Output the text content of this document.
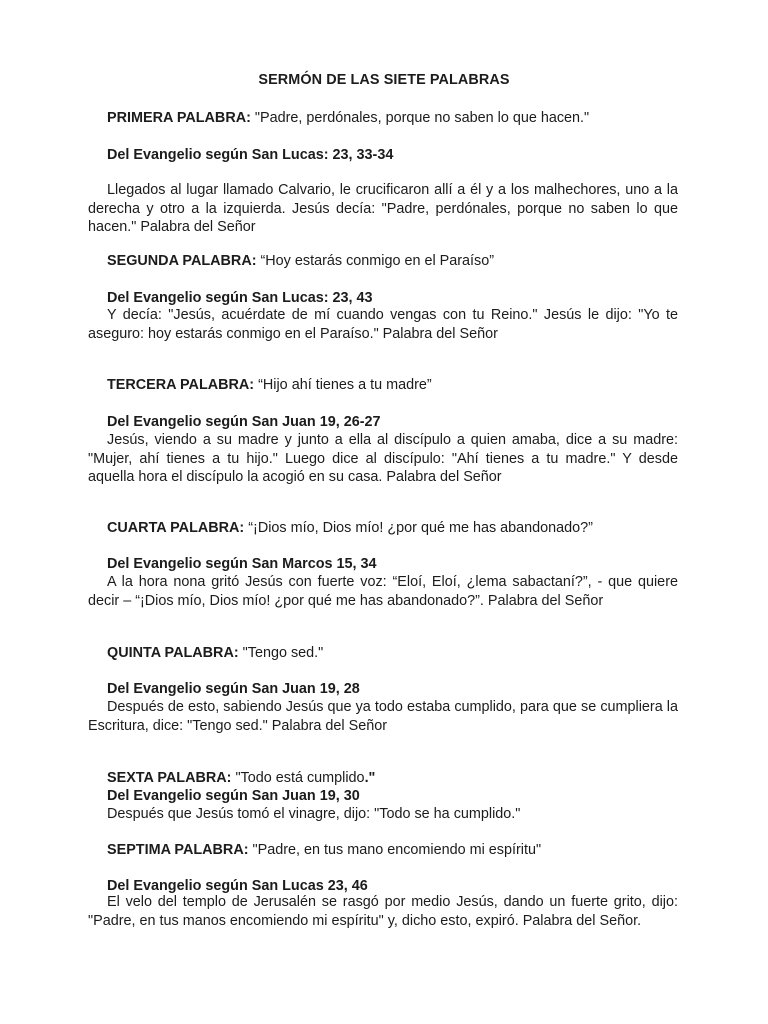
SERMÓN DE LAS SIETE PALABRAS
PRIMERA PALABRA: "Padre, perdónales, porque no saben lo que hacen."
Del Evangelio según San Lucas: 23, 33-34
Llegados al lugar llamado Calvario, le crucificaron allí a él y a los malhechores, uno a la derecha y otro a la izquierda. Jesús decía: "Padre, perdónales, porque no saben lo que hacen." Palabra del Señor
SEGUNDA PALABRA: “Hoy estarás conmigo en el Paraíso”
Del Evangelio según San Lucas: 23, 43
Y decía: "Jesús, acuérdate de mí cuando vengas con tu Reino." Jesús le dijo: "Yo te aseguro: hoy estarás conmigo en el Paraíso." Palabra del Señor
TERCERA PALABRA: “Hijo ahí tienes a tu madre”
Del Evangelio según San Juan 19, 26-27
Jesús, viendo a su madre y junto a ella al discípulo a quien amaba, dice a su madre: "Mujer, ahí tienes a tu hijo." Luego dice al discípulo: "Ahí tienes a tu madre." Y desde aquella hora el discípulo la acogió en su casa. Palabra del Señor
CUARTA PALABRA: “¡Dios mío, Dios mío! ¿por qué me has abandonado?”
Del Evangelio según San Marcos 15, 34
A la hora nona gritó Jesús con fuerte voz: “Eloí, Eloí, ¿lema sabactaní?”, - que quiere decir – “¡Dios mío, Dios mío! ¿por qué me has abandonado?”. Palabra del Señor
QUINTA PALABRA: "Tengo sed."
Del Evangelio según San Juan 19, 28
Después de esto, sabiendo Jesús que ya todo estaba cumplido, para que se cumpliera la Escritura, dice: "Tengo sed." Palabra del Señor
SEXTA PALABRA: "Todo está cumplido."
Del Evangelio según San Juan 19, 30
Después que Jesús tomó el vinagre, dijo: "Todo se ha cumplido."
SEPTIMA PALABRA: "Padre, en tus mano encomiendo mi espíritu"
Del Evangelio según San Lucas 23, 46
El velo del templo de Jerusalén se rasgó por medio Jesús, dando un fuerte grito, dijo: "Padre, en tus manos encomiendo mi espíritu" y, dicho esto, expiró. Palabra del Señor.
